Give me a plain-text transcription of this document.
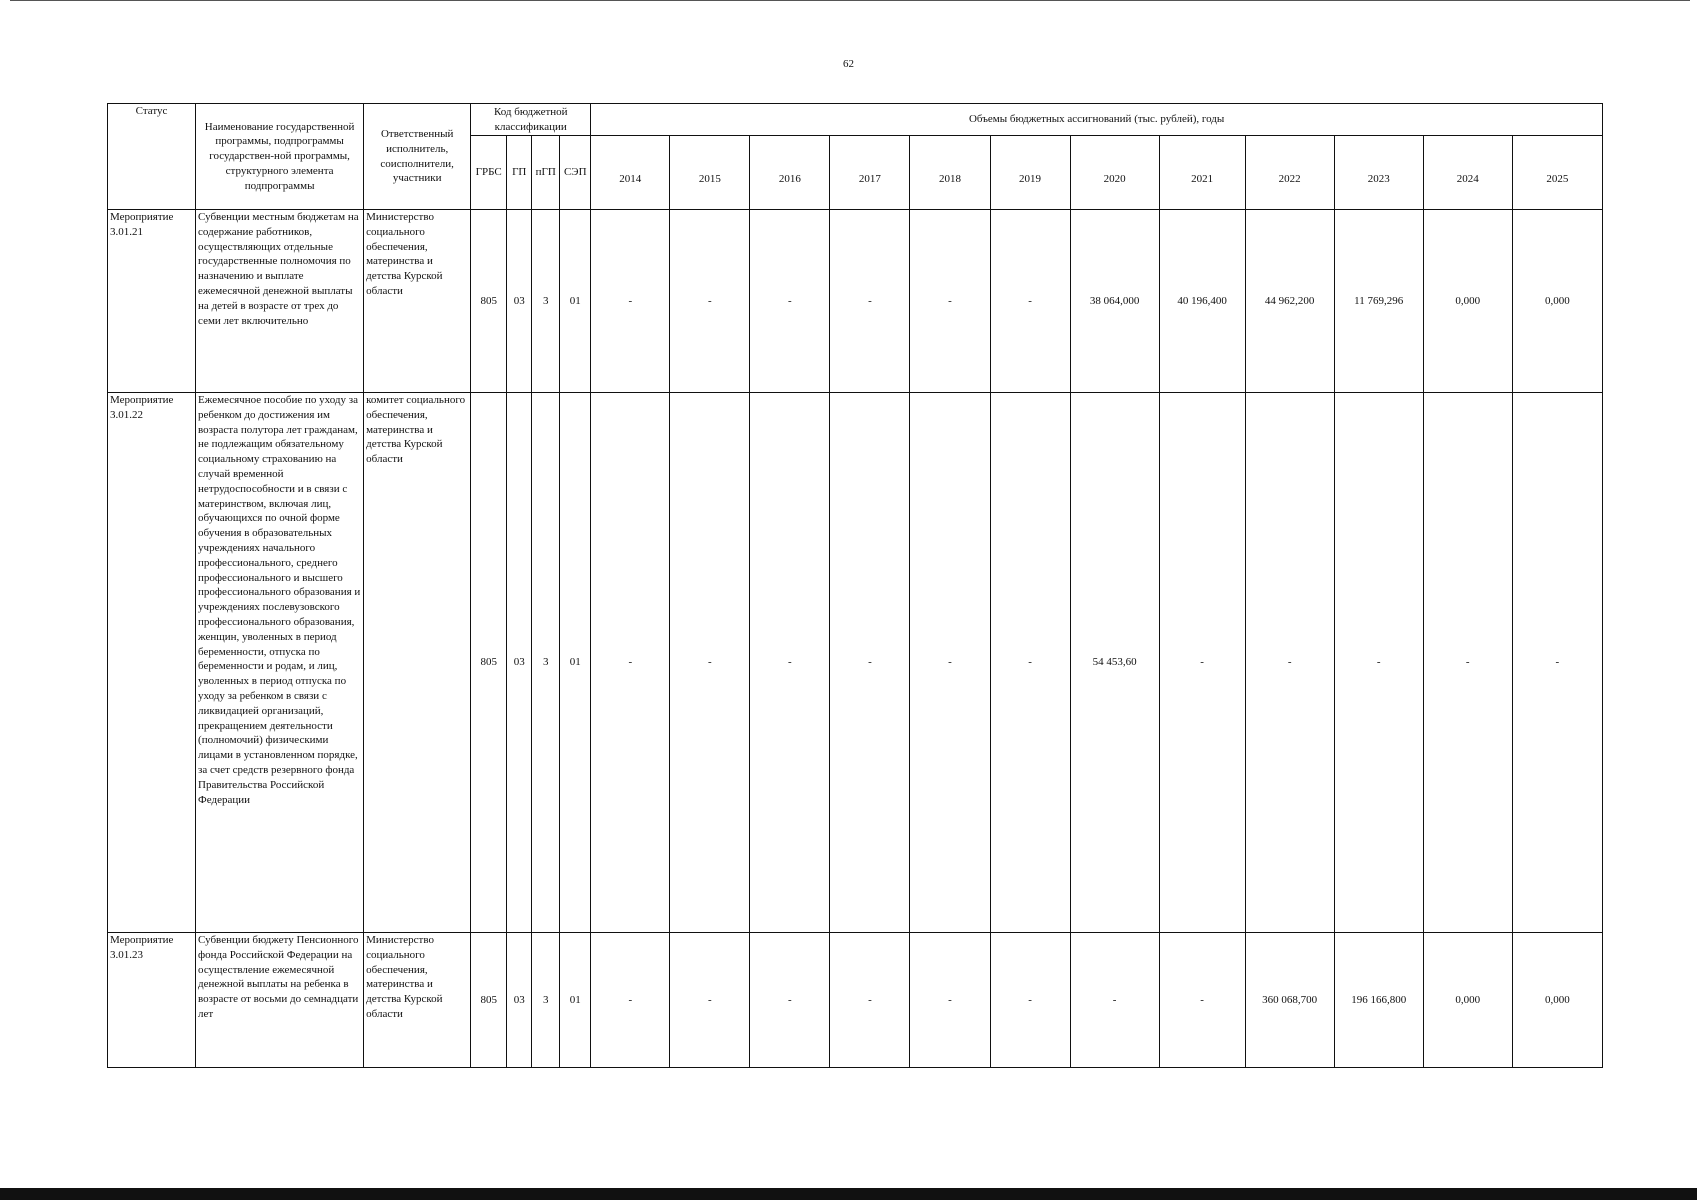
62
Статус	Наименование государственной программы, подпрограммы государствен-ной программы, структурного элемента подпрограммы	Ответственный исполнитель, соисполнители, участники	Код бюджетной классификации				Объемы бюджетных ассигнований (тыс. рублей), годы											
			ГРБС	ГП	пГП	СЭП	2014	2015	2016	2017	2018	2019	2020	2021	2022	2023	2024	2025
Мероприятие 3.01.21	Субвенции местным бюджетам на содержание работников, осуществляющих отдельные государственные полномочия по назначению и выплате ежемесячной денежной выплаты на детей в возрасте от трех до семи лет включительно	Министерство социального обеспечения, материнства и детства Курской области	805	03	3	01	-	-	-	-	-	-	38 064,000	40 196,400	44 962,200	11 769,296	0,000	0,000
Мероприятие 3.01.22	Ежемесячное пособие по уходу за ребенком до достижения им возраста полутора лет гражданам, не подлежащим обязательному социальному страхованию на случай временной нетрудоспособности и в связи с материнством, включая лиц, обучающихся по очной форме обучения в образовательных учреждениях начального профессионального, среднего профессионального и высшего профессионального образования и учреждениях послевузовского профессионального образования, женщин, уволенных в период беременности, отпуска по беременности и родам, и лиц, уволенных в период отпуска по уходу за ребенком в связи с ликвидацией организаций, прекращением деятельности (полномочий) физическими лицами в установленном порядке, за счет средств резервного фонда Правительства Российской Федерации	комитет социального обеспечения, материнства и детства Курской области	805	03	3	01	-	-	-	-	-	-	54 453,60	-	-	-	-	-
Мероприятие 3.01.23	Субвенции бюджету Пенсионного фонда Российской Федерации на осуществление ежемесячной денежной выплаты на ребенка в возрасте от восьми до семнадцати лет	Министерство социального обеспечения, материнства и детства Курской области	805	03	3	01	-	-	-	-	-	-	-	-	360 068,700	196 166,800	0,000	0,000
